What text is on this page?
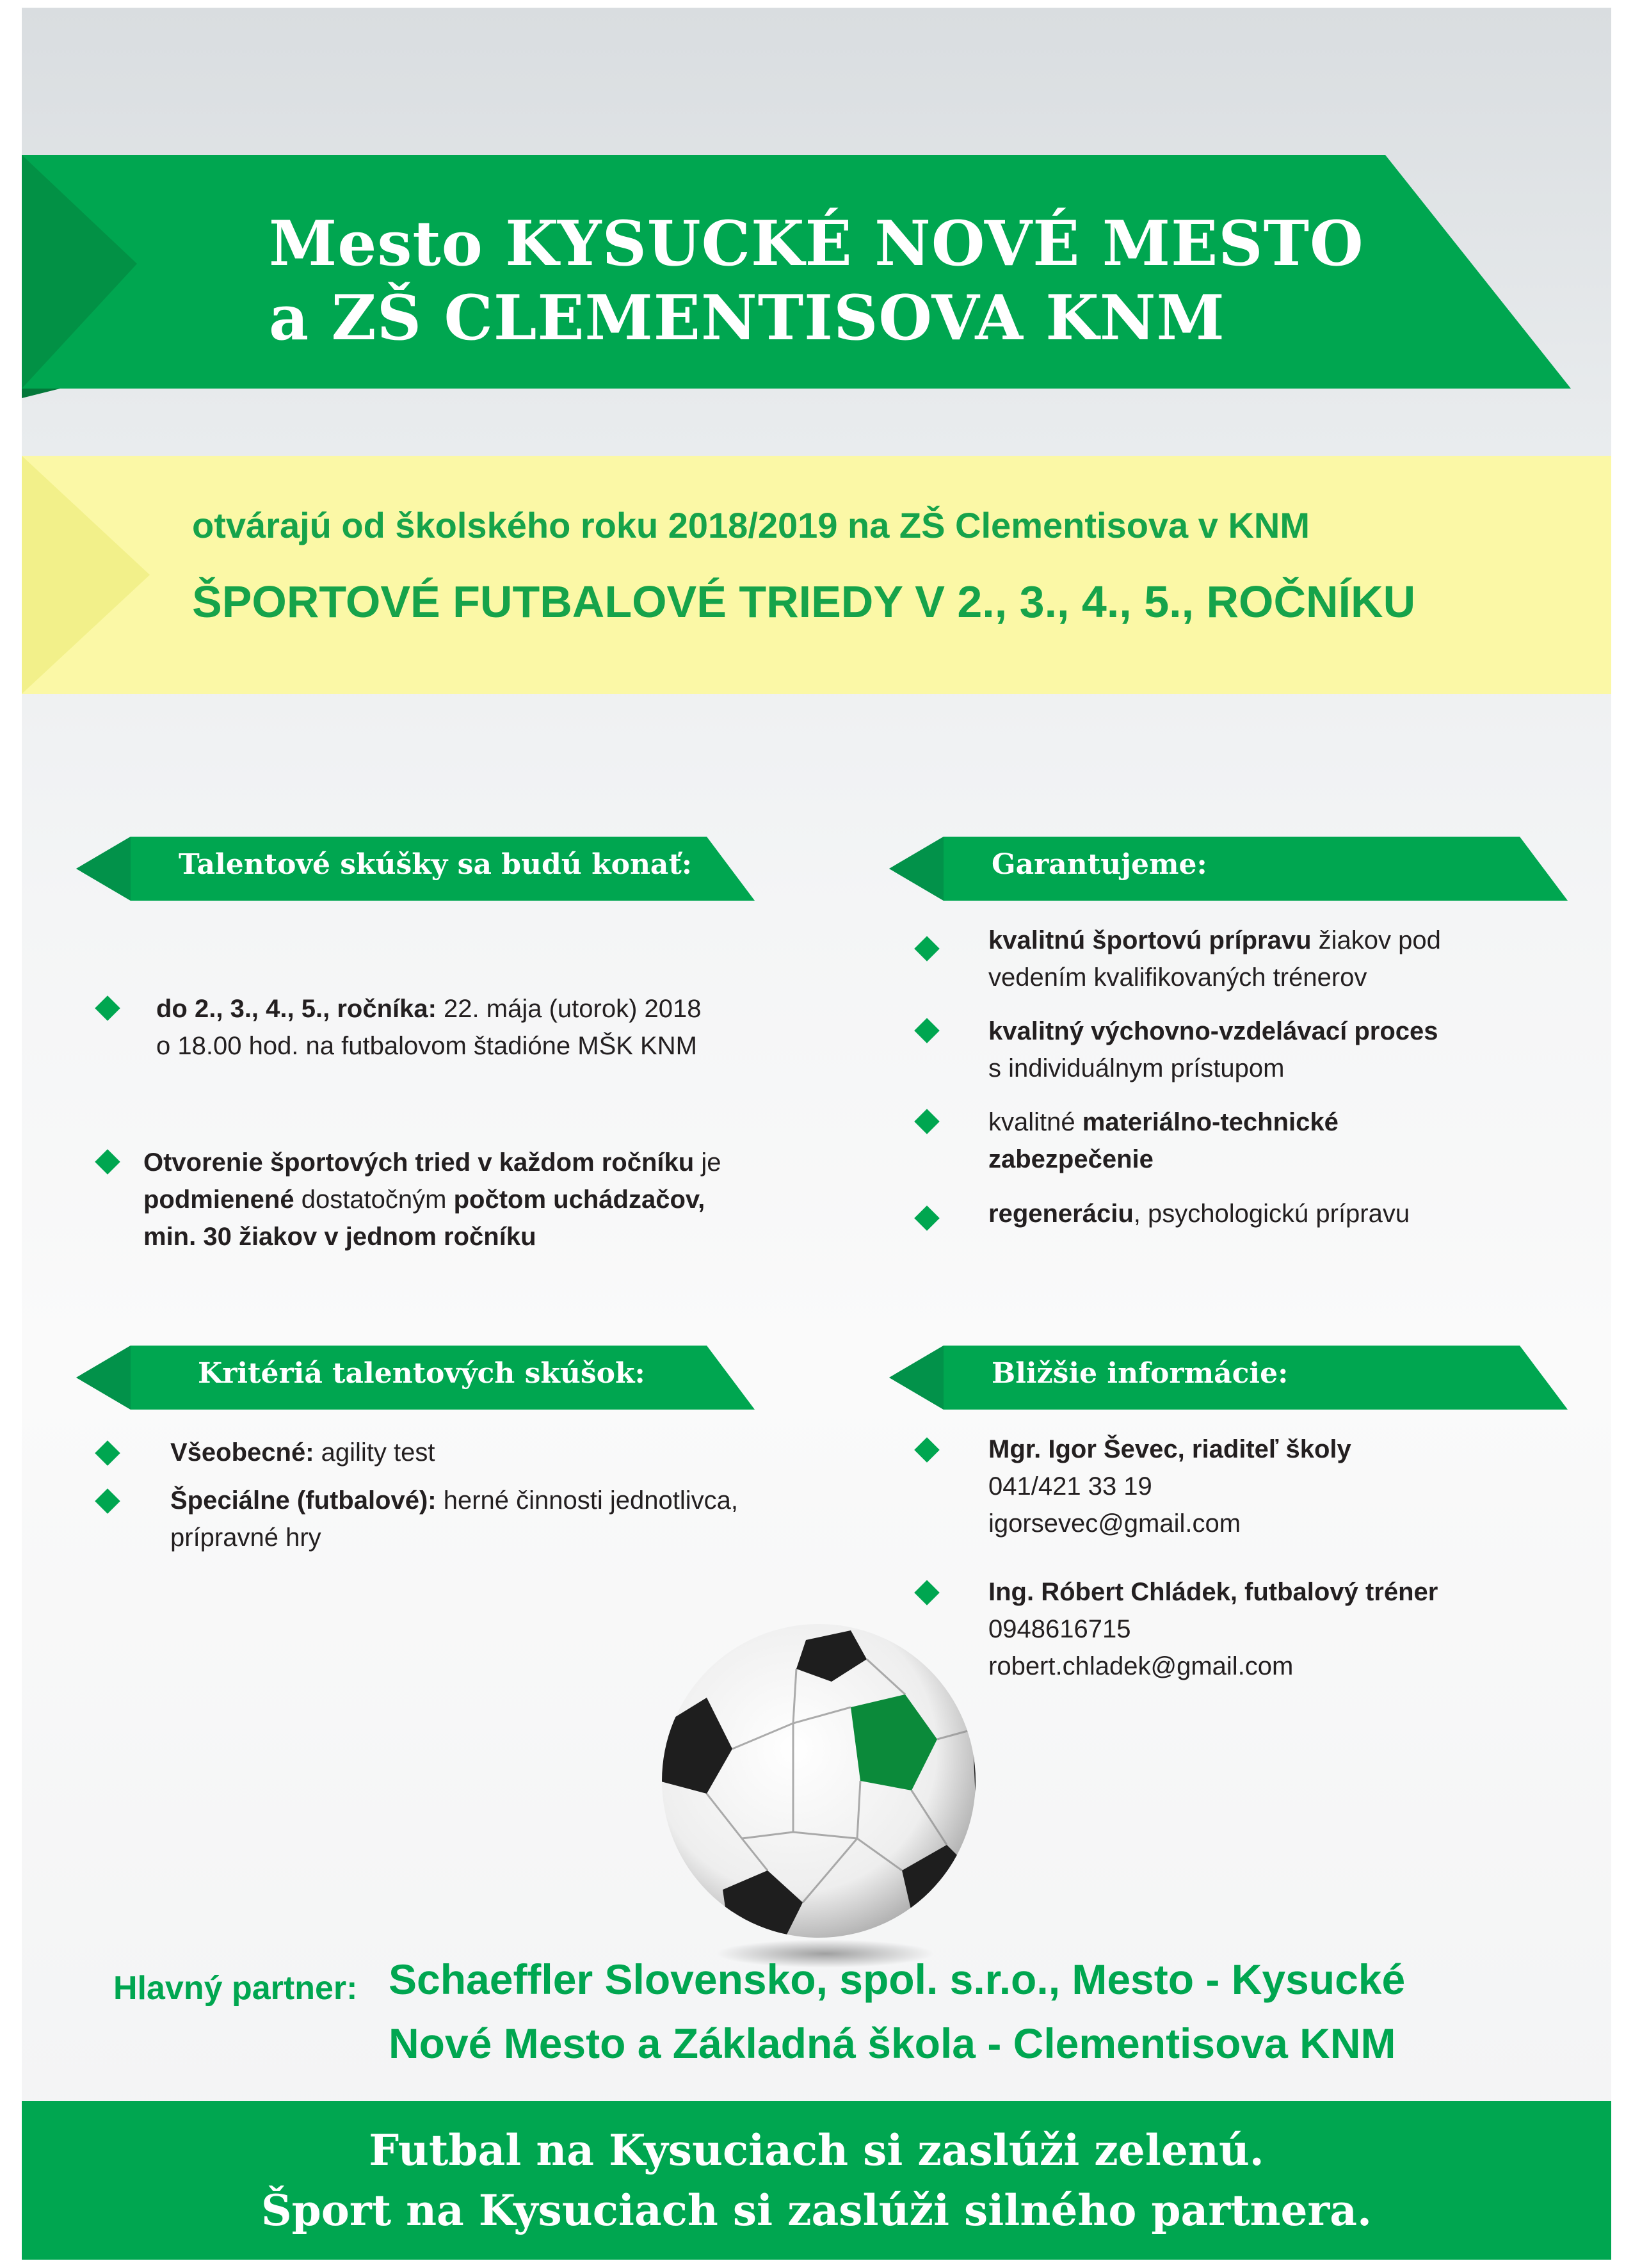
Mesto KYSUCKÉ NOVÉ MESTO
a ZŠ CLEMENTISOVA KNM
otvárajú od školského roku 2018/2019 na ZŠ Clementisova v KNM
ŠPORTOVÉ FUTBALOVÉ TRIEDY V 2., 3., 4., 5., ROČNÍKU
Talentové skúšky sa budú konať:
do 2., 3., 4., 5., ročníka: 22. mája (utorok) 2018
o 18.00 hod. na futbalovom štadióne MŠK KNM
Otvorenie športových tried v každom ročníku je
podmienené dostatočným počtom uchádzačov,
min. 30 žiakov v jednom ročníku
Garantujeme:
kvalitnú športovú prípravu žiakov pod
vedením kvalifikovaných trénerov
kvalitný výchovno-vzdelávací proces
s individuálnym prístupom
kvalitné materiálno-technické
zabezpečenie
regeneráciu, psychologickú prípravu
Kritériá talentových skúšok:
Všeobecné: agility test
Špeciálne (futbalové): herné činnosti jednotlivca,
prípravné hry
Bližšie informácie:
Mgr. Igor Ševec, riaditeľ školy
041/421 33 19
igorsevec@gmail.com
Ing. Róbert Chládek, futbalový tréner
0948616715
robert.chladek@gmail.com
Hlavný partner: Schaeffler Slovensko, spol. s.r.o., Mesto - Kysucké
Nové Mesto a Základná škola - Clementisova KNM
Futbal na Kysuciach si zaslúži zelenú.
Šport na Kysuciach si zaslúži silného partnera.
